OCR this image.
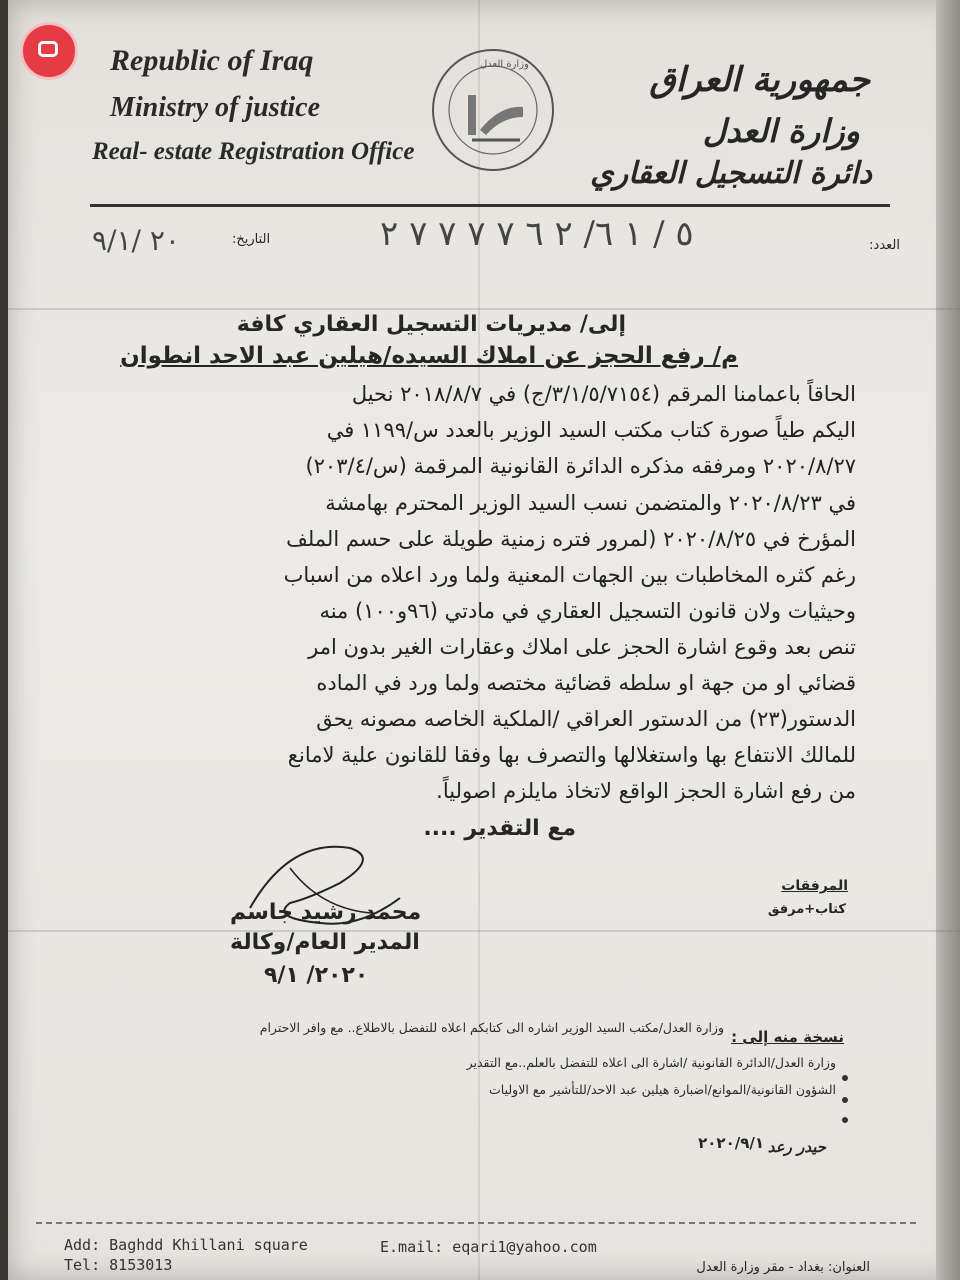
Republic of Iraq
Ministry of justice
Real- estate Registration Office
وزارة العدل	جمهورية العراق
وزارة العدل
دائرة التسجيل العقاري
التاريخ:
٢٠ /٩/١	العدد:
٥ / ١ ٦/ ٢ ٦ ٧ ٧ ٧ ٧ ٢
إلى/ مديريات التسجيل العقاري كافة
م/ رفع الحجز عن املاك السيده/هيلين عبد الاحد انطوان
الحاقاً باعمامنا المرقم (٣/١/٥/٧١٥٤/ج) في ٢٠١٨/٨/٧ نحيل
اليكم طياً صورة كتاب مكتب السيد الوزير بالعدد س/١١٩٩ في
٢٠٢٠/٨/٢٧ ومرفقه مذكره الدائرة القانونية المرقمة (س/٢٠٣/٤)
في ٢٠٢٠/٨/٢٣ والمتضمن نسب السيد الوزير المحترم بهامشة
المؤرخ في ٢٠٢٠/٨/٢٥ (لمرور فتره زمنية طويلة على حسم الملف
رغم كثره المخاطبات بين الجهات المعنية ولما ورد اعلاه من اسباب
وحيثيات ولان قانون التسجيل العقاري في مادتي (٩٦و١٠٠) منه
تنص بعد وقوع اشارة الحجز على املاك وعقارات الغير بدون امر
قضائي او من جهة او سلطه قضائية مختصه ولما ورد في الماده
الدستور(٢٣) من الدستور العراقي /الملكية الخاصه مصونه يحق
للمالك الانتفاع بها واستغلالها والتصرف بها وفقا للقانون علية لامانع
من رفع اشارة الحجز الواقع لاتخاذ مايلزم اصولياً.
مع التقدير ....
المرفقات
كتاب+مرفق
محمد رشيد جاسم
المدير العام/وكالة
٢٠٢٠/ ٩/١
نسخة منه إلى :
وزارة العدل/مكتب السيد الوزير اشاره الى كتابكم اعلاه للتفضل بالاطلاع.. مع وافر الاحترام
وزارة العدل/الدائرة القانونية /اشارة الى اعلاه للتفضل بالعلم..مع التقدير
الشؤون القانونية/الموانع/اضبارة هيلين عبد الاحد/للتأشير مع الاوليات
حيدر رعد
٢٠٢٠/٩/١
Add: Baghdd Khillani square
Tel: 8153013
E.mail: eqari1@yahoo.com
العنوان: بغداد - مقر وزارة العدل
